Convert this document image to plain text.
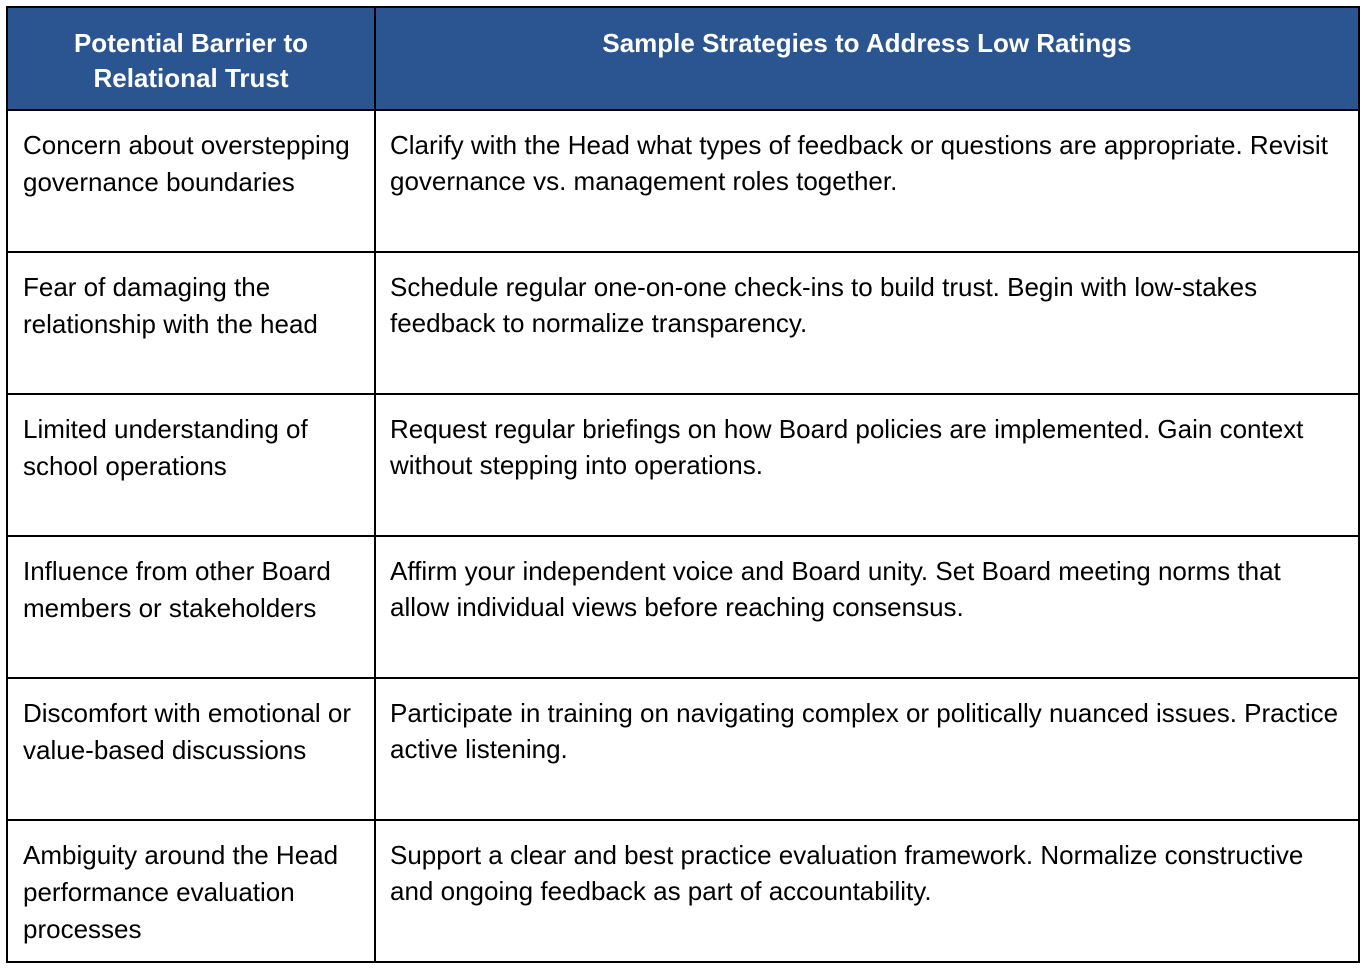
Potential Barrier to Relational Trust	Sample Strategies to Address Low Ratings
Concern about overstepping governance boundaries	Clarify with the Head what types of feedback or questions are appropriate. Revisit governance vs. management roles together.
Fear of damaging the relationship with the head	Schedule regular one-on-one check-ins to build trust. Begin with low-stakes feedback to normalize transparency.
Limited understanding of school operations	Request regular briefings on how Board policies are implemented. Gain context without stepping into operations.
Influence from other Board members or stakeholders	Affirm your independent voice and Board unity. Set Board meeting norms that allow individual views before reaching consensus.
Discomfort with emotional or value-based discussions	Participate in training on navigating complex or politically nuanced issues. Practice active listening.
Ambiguity around the Head performance evaluation processes	Support a clear and best practice evaluation framework. Normalize constructive and ongoing feedback as part of accountability.
